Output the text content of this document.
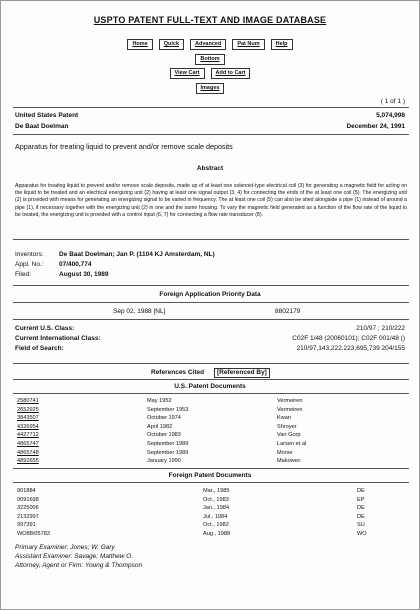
USPTO PATENT FULL-TEXT AND IMAGE DATABASE
Home	Quick	Advanced	Pat Num	Help
Bottom
View Cart	Add to Cart
Images
( 1 of 1 )
United States Patent	5,074,998
De Baat Doelman	December 24, 1991
Apparatus for treating liquid to prevent and/or remove scale deposits
Abstract
Apparatus for treating liquid to prevent and/or remove scale deposits, made up of at least one solenoid-type electrical coil (3) for generating a magnetic field for acting on the liquid to be treated and an electrical energizing unit (2) having at least one signal output (3, 4) for connecting the ends of the at least one coil (5). The energizing unit (2) is provided with means for generating an energizing signal to be varied in frequency. The at least one coil (5) can also be sited alongside a pipe (1) instead of around a pipe (1), if necessary together with the energizing unit (2) in one and the same housing. To vary the magnetic field generated as a function of the flow rate of the liquid to be treated, the energizing unit is provided with a control input (6, 7) for connecting a flow rate transducer (8).
Inventors: De Baat Doelman; Jan P. (1104 KJ Amsterdam, NL)
Appl. No.: 07/400,774
Filed:	August 30, 1989
Foreign Application Priority Data
Sep 02, 1988 [NL]	8802179
Current U.S. Class:	210/97 ; 210/222
Current International Class:	C02F 1/48 (20060101); C02F 001/48 ()
Field of Search:	210/97,143,222,223,695,739 204/155
References Cited	[Referenced By]
U.S. Patent Documents
2580741	May 1952	Vermeiren
2652925	September 1953	Vermeiren
3843507	October 1974	Kwan
4326954	April 1982	Shroyer
4427712	October 1983	Van Gorp
4865747	September 1989	Larsen et al
4865748	September 1989	Morse
4892655	January 1990	Makowec
Foreign Patent Documents
901884	Mar., 1985	DE
0091698	Oct., 1983	EP
3225006	Jan., 1984	DE
2132997	Jul., 1984	DE
997391	Oct., 1982	SU
WO88/05783	Aug., 1988	WO
Primary Examiner: Jones; W. Gary
Assistant Examiner: Savage; Matthew O.
Attorney, Agent or Firm: Young & Thompson
